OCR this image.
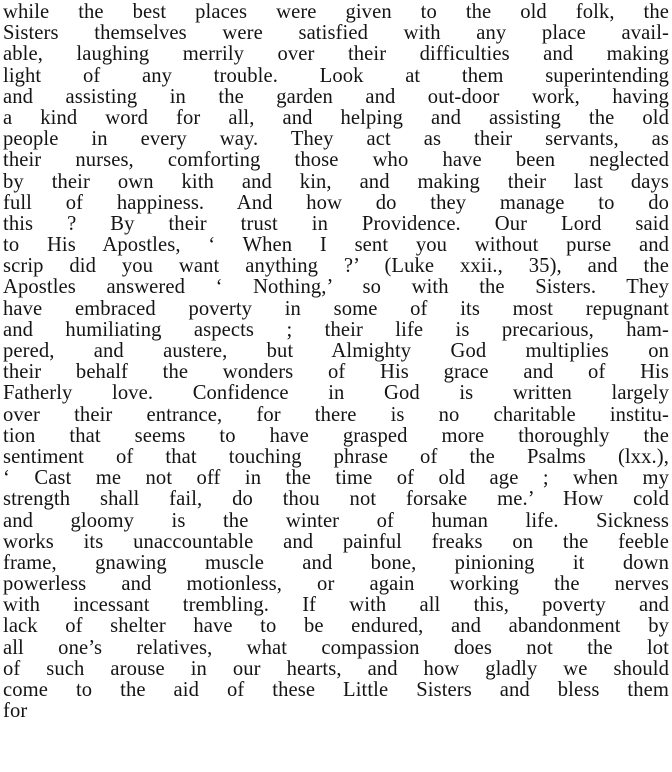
while the best places were given to the old folk, the
Sisters themselves were satisfied with any place avail-
able, laughing merrily over their difficulties and making
light of any trouble. Look at them superintending
and assisting in the garden and out-door work, having
a kind word for all, and helping and assisting the old
people in every way. They act as their servants, as
their nurses, comforting those who have been neglected
by their own kith and kin, and making their last days
full of happiness. And how do they manage to do
this ? By their trust in Providence. Our Lord said
to His Apostles, ‘ When I sent you without purse and
scrip did you want anything ?’ (Luke xxii., 35), and the
Apostles answered ‘ Nothing,’ so with the Sisters. They
have embraced poverty in some of its most repugnant
and humiliating aspects ; their life is precarious, ham-
pered, and austere, but Almighty God multiplies on
their behalf the wonders of His grace and of His
Fatherly love. Confidence in God is written largely
over their entrance, for there is no charitable institu-
tion that seems to have grasped more thoroughly the
sentiment of that touching phrase of the Psalms (lxx.),
‘ Cast me not off in the time of old age ; when my
strength shall fail, do thou not forsake me.’ How cold
and gloomy is the winter of human life. Sickness
works its unaccountable and painful freaks on the feeble
frame, gnawing muscle and bone, pinioning it down
powerless and motionless, or again working the nerves
with incessant trembling. If with all this, poverty and
lack of shelter have to be endured, and abandonment by
all one’s relatives, what compassion does not the lot
of such arouse in our hearts, and how gladly we should
come to the aid of these Little Sisters and bless them
for
